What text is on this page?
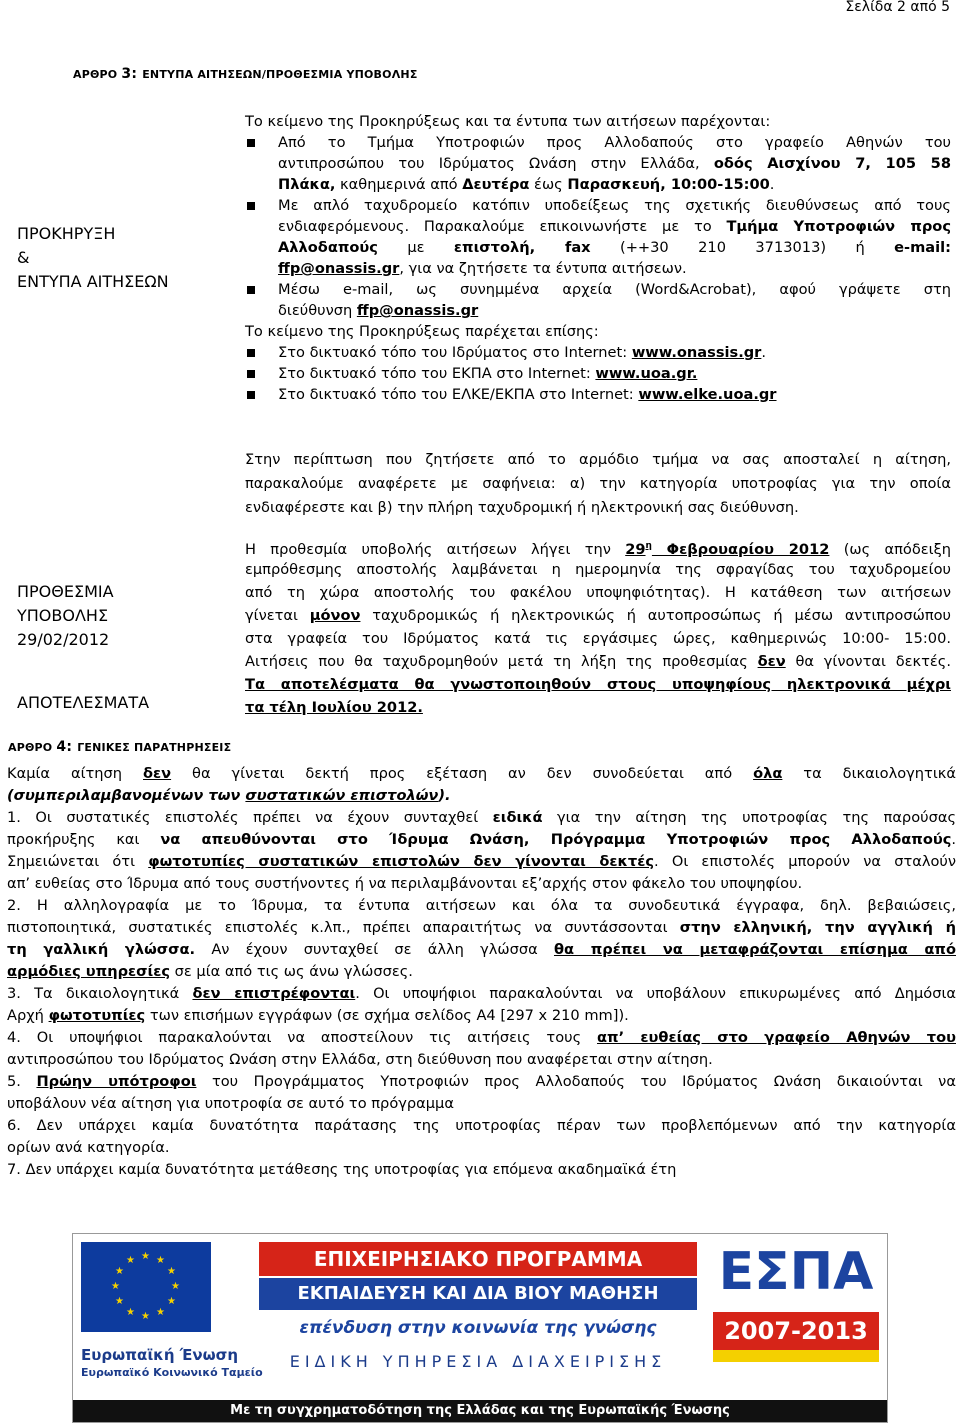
Σελίδα 2 από 5
ΑΡΘΡΟ 3: ΕΝΤΥΠΑ ΑΙΤΗΣΕΩΝ/ΠΡΟΘΕΣΜΙΑ ΥΠΟΒΟΛΗΣ
ΠΡΟΚΗΡΥΞΗ
&
ΕΝΤΥΠΑ ΑΙΤΗΣΕΩΝ
ΠΡΟΘΕΣΜΙΑ
ΥΠΟΒΟΛΗΣ
29/02/2012
ΑΠΟΤΕΛΕΣΜΑΤΑ
Το κείμενο της Προκηρύξεως και τα έντυπα των αιτήσεων παρέχονται:
Από το Τμήμα Υποτροφιών προς Αλλοδαπούς στο γραφείο Αθηνών του
αντιπροσώπου του Ιδρύματος Ωνάση στην Ελλάδα, οδός Αισχίνου 7, 105 58
Πλάκα, καθημερινά από Δευτέρα έως Παρασκευή, 10:00-15:00.
Με απλό ταχυδρομείο κατόπιν υποδείξεως της σχετικής διευθύνσεως από τους
ενδιαφερόμενους. Παρακαλούμε επικοινωνήστε με το Τμήμα Υποτροφιών προς
Αλλοδαπούς με επιστολή, fax (++30 210 3713013) ή e-mail:
ffp@onassis.gr, για να ζητήσετε τα έντυπα αιτήσεων.
Μέσω e-mail, ως συνημμένα αρχεία (Word&Acrobat), αφού γράψετε στη
διεύθυνση ffp@onassis.gr
Το κείμενο της Προκηρύξεως παρέχεται επίσης:
Στο δικτυακό τόπο του Ιδρύματος στο Internet: www.onassis.gr.
Στο δικτυακό τόπο του ΕΚΠΑ στο Internet: www.uoa.gr.
Στο δικτυακό τόπο του ΕΛΚΕ/ΕΚΠΑ στο Internet: www.elke.uoa.gr
Στην περίπτωση που ζητήσετε από το αρμόδιο τμήμα να σας αποσταλεί η αίτηση,
παρακαλούμε αναφέρετε με σαφήνεια: α) την κατηγορία υποτροφίας για την οποία
ενδιαφέρεστε και β) την πλήρη ταχυδρομική ή ηλεκτρονική σας διεύθυνση.
Η προθεσμία υποβολής αιτήσεων λήγει την $29^\eta$ Φεβρουαρίου 2012 (ως απόδειξη
εμπρόθεσμης αποστολής λαμβάνεται η ημερομηνία της σφραγίδας του ταχυδρομείου
από τη χώρα αποστολής του φακέλου υποψηφιότητας). Η κατάθεση των αιτήσεων
γίνεται μόνον ταχυδρομικώς ή ηλεκτρονικώς ή αυτοπροσώπως ή μέσω αντιπροσώπου
στα γραφεία του Ιδρύματος κατά τις εργάσιμες ώρες, καθημερινώς 10:00- 15:00.
Αιτήσεις που θα ταχυδρομηθούν μετά τη λήξη της προθεσμίας δεν θα γίνονται δεκτές.
Τα αποτελέσματα θα γνωστοποιηθούν στους υποψηφίους ηλεκτρονικά μέχρι
τα τέλη Ιουλίου 2012.
ΑΡΘΡΟ 4: ΓΕΝΙΚΕΣ ΠΑΡΑΤΗΡΗΣΕΙΣ
Καμία αίτηση δεν θα γίνεται δεκτή προς εξέταση αν δεν συνοδεύεται από όλα τα δικαιολογητικά
(συμπεριλαμβανομένων των συστατικών επιστολών).
1. Οι συστατικές επιστολές πρέπει να έχουν συνταχθεί ειδικά για την αίτηση της υποτροφίας της παρούσας
προκήρυξης και να απευθύνονται στο Ίδρυμα Ωνάση, Πρόγραμμα Υποτροφιών προς Αλλοδαπούς.
Σημειώνεται ότι φωτοτυπίες συστατικών επιστολών δεν γίνονται δεκτές. Οι επιστολές μπορούν να σταλούν
απ’ ευθείας στο Ίδρυμα από τους συστήνοντες ή να περιλαμβάνονται εξ’αρχής στον φάκελο του υποψηφίου.
2. Η αλληλογραφία με το Ίδρυμα, τα έντυπα αιτήσεων και όλα τα συνοδευτικά έγγραφα, δηλ. βεβαιώσεις,
πιστοποιητικά, συστατικές επιστολές κ.λπ., πρέπει απαραιτήτως να συντάσσονται στην ελληνική, την αγγλική ή
τη γαλλική γλώσσα. Αν έχουν συνταχθεί σε άλλη γλώσσα θα πρέπει να μεταφράζονται επίσημα από
αρμόδιες υπηρεσίες σε μία από τις ως άνω γλώσσες.
3. Τα δικαιολογητικά δεν επιστρέφονται. Οι υποψήφιοι παρακαλούνται να υποβάλουν επικυρωμένες από Δημόσια
Αρχή φωτοτυπίες των επισήμων εγγράφων (σε σχήμα σελίδος Α4 [297 x 210 mm]).
4. Οι υποψήφιοι παρακαλούνται να αποστείλουν τις αιτήσεις τους απ’ ευθείας στο γραφείο Αθηνών του
αντιπροσώπου του Ιδρύματος Ωνάση στην Ελλάδα, στη διεύθυνση που αναφέρεται στην αίτηση.
5. Πρώην υπότροφοι του Προγράμματος Υποτροφιών προς Αλλοδαπούς του Ιδρύματος Ωνάση δικαιούνται να
υποβάλουν νέα αίτηση για υποτροφία σε αυτό το πρόγραμμα
6. Δεν υπάρχει καμία δυνατότητα παράτασης της υποτροφίας πέραν των προβλεπόμενων από την κατηγορία
ορίων ανά κατηγορία.
7. Δεν υπάρχει καμία δυνατότητα μετάθεσης της υποτροφίας για επόμενα ακαδημαϊκά έτη
★ ★
★
★
★
★
★
★
★
★
★
★
Ευρωπαϊκή Ένωση
Ευρωπαϊκό Κοινωνικό Ταμείο
ΕΠΙΧΕΙΡΗΣΙΑΚΟ ΠΡΟΓΡΑΜΜΑ
ΕΚΠΑΙΔΕΥΣΗ ΚΑΙ ΔΙΑ ΒΙΟΥ ΜΑΘΗΣΗ
επένδυση στην κοινωνία της γνώσης
ΕΙΔΙΚΗ ΥΠΗΡΕΣΙΑ ΔΙΑΧΕΙΡΙΣΗΣ
ΕΣΠΑ
2007-2013
Με τη συγχρηματοδότηση της Ελλάδας και της Ευρωπαϊκής Ένωσης
